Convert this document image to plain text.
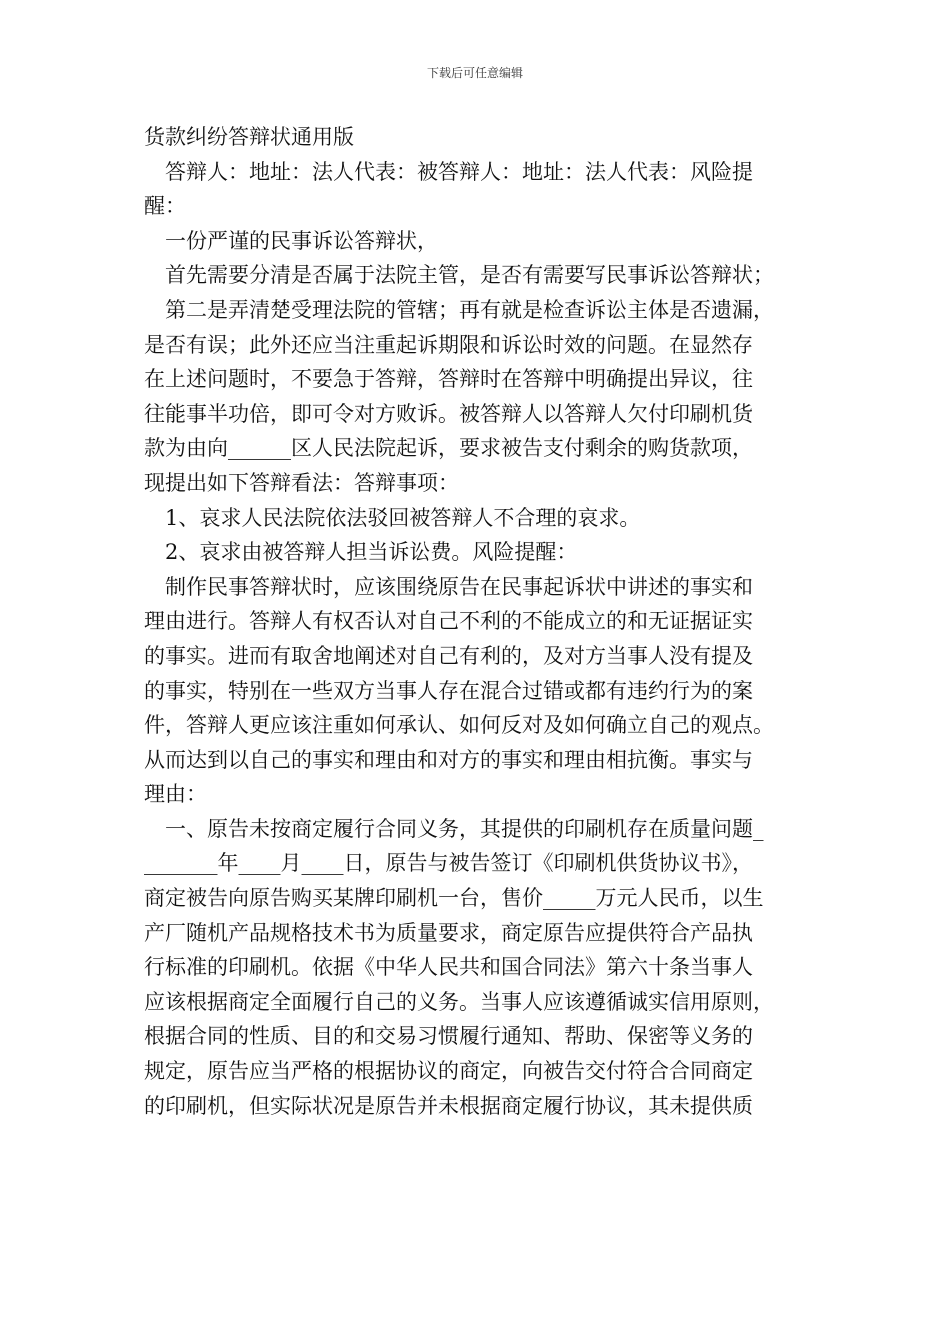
下载后可任意编辑
货款纠纷答辩状通用版
答辩人：地址：法人代表：被答辩人：地址：法人代表：风险提
醒：
一份严谨的民事诉讼答辩状，
首先需要分清是否属于法院主管，是否有需要写民事诉讼答辩状；
第二是弄清楚受理法院的管辖；再有就是检查诉讼主体是否遗漏，
是否有误；此外还应当注重起诉期限和诉讼时效的问题。在显然存
在上述问题时，不要急于答辩，答辩时在答辩中明确提出异议，往
往能事半功倍，即可令对方败诉。被答辩人以答辩人欠付印刷机货
款为由向______区人民法院起诉，要求被告支付剩余的购货款项，
现提出如下答辩看法：答辩事项：
1、哀求人民法院依法驳回被答辩人不合理的哀求。
2、哀求由被答辩人担当诉讼费。风险提醒：
制作民事答辩状时，应该围绕原告在民事起诉状中讲述的事实和
理由进行。答辩人有权否认对自己不利的不能成立的和无证据证实
的事实。进而有取舍地阐述对自己有利的，及对方当事人没有提及
的事实，特别在一些双方当事人存在混合过错或都有违约行为的案
件，答辩人更应该注重如何承认、如何反对及如何确立自己的观点。
从而达到以自己的事实和理由和对方的事实和理由相抗衡。事实与
理由：
一、原告未按商定履行合同义务，其提供的印刷机存在质量问题_
_______年____月____日，原告与被告签订《印刷机供货协议书》，
商定被告向原告购买某牌印刷机一台，售价_____万元人民币，以生
产厂随机产品规格技术书为质量要求，商定原告应提供符合产品执
行标准的印刷机。依据《中华人民共和国合同法》第六十条当事人
应该根据商定全面履行自己的义务。当事人应该遵循诚实信用原则，
根据合同的性质、目的和交易习惯履行通知、帮助、保密等义务的
规定，原告应当严格的根据协议的商定，向被告交付符合合同商定
的印刷机，但实际状况是原告并未根据商定履行协议，其未提供质
